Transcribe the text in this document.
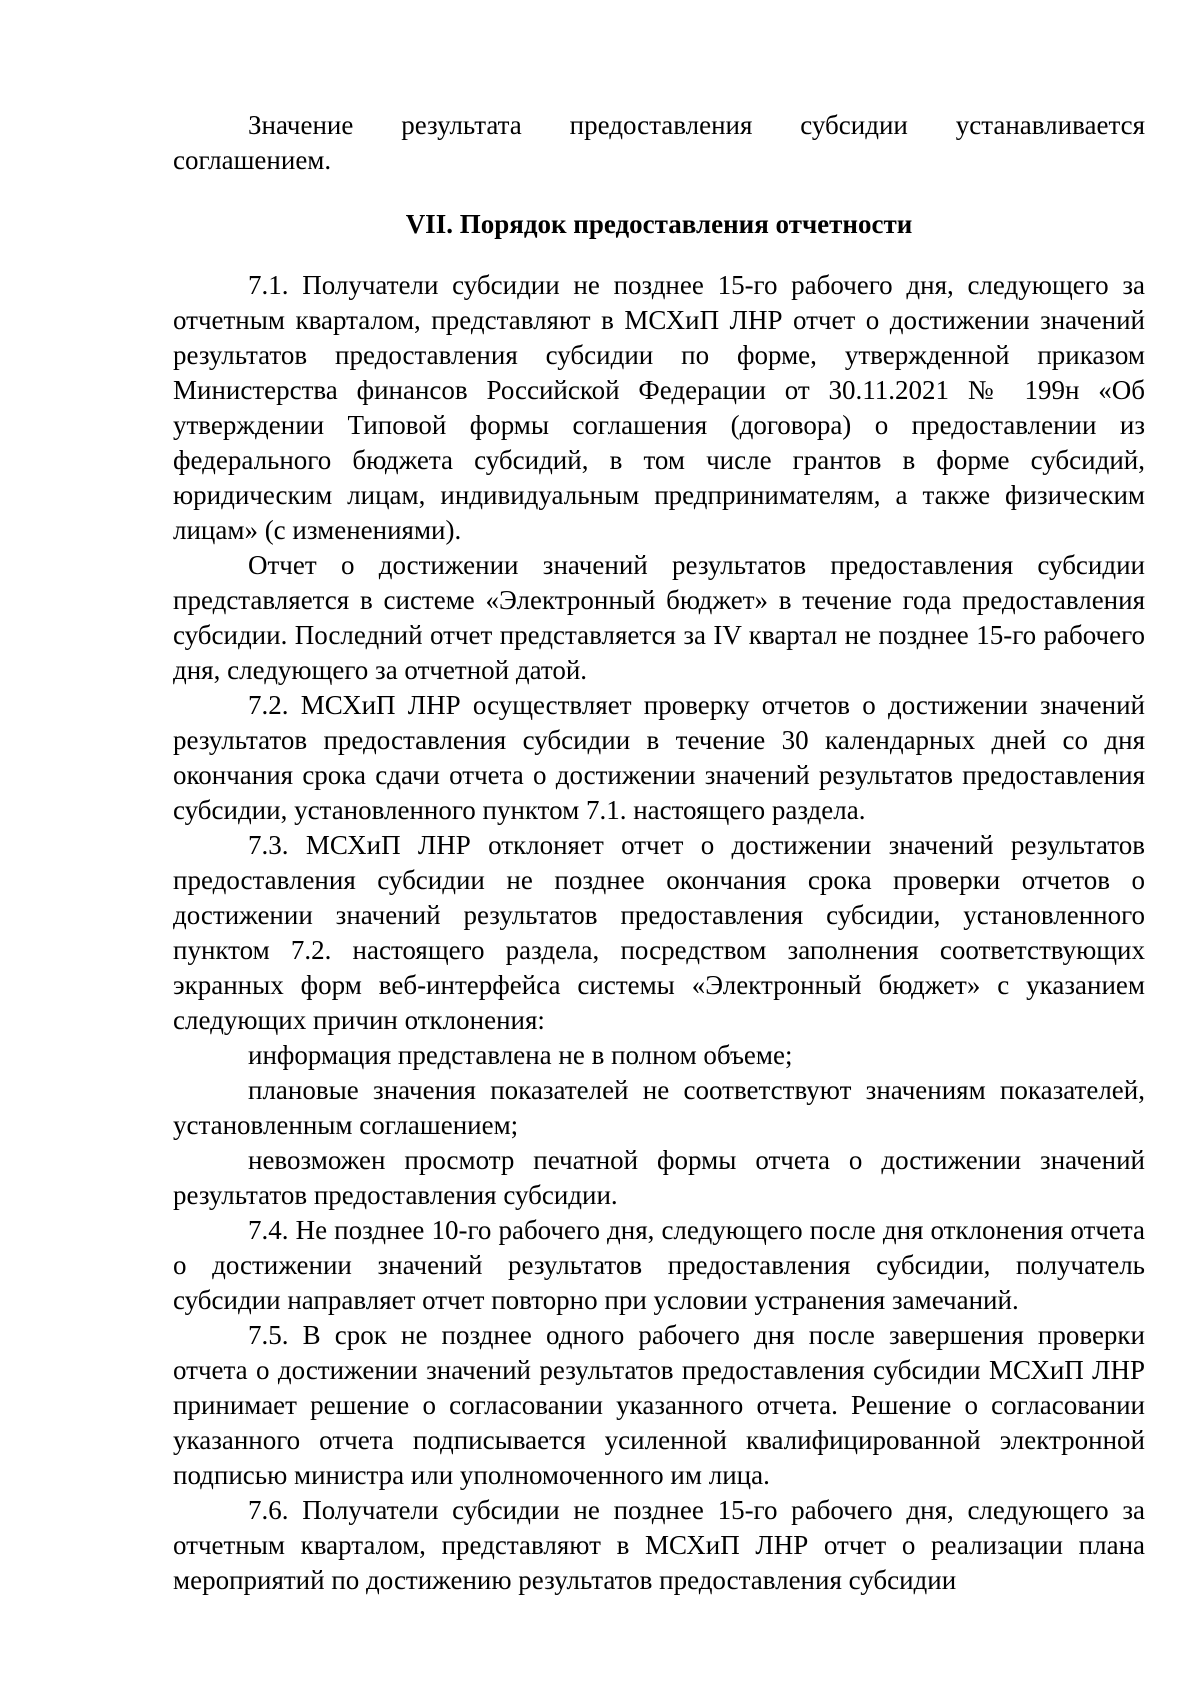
Значение результата предоставления субсидии устанавливается соглашением.

VII. Порядок предоставления отчетности

7.1. Получатели субсидии не позднее 15-го рабочего дня, следующего за отчетным кварталом, представляют в МСХиП ЛНР отчет о достижении значений результатов предоставления субсидии по форме, утвержденной приказом Министерства финансов Российской Федерации от 30.11.2021 № 199н «Об утверждении Типовой формы соглашения (договора) о предоставлении из федерального бюджета субсидий, в том числе грантов в форме субсидий, юридическим лицам, индивидуальным предпринимателям, а также физическим лицам» (с изменениями).

Отчет о достижении значений результатов предоставления субсидии представляется в системе «Электронный бюджет» в течение года предоставления субсидии. Последний отчет представляется за IV квартал не позднее 15-го рабочего дня, следующего за отчетной датой.

7.2. МСХиП ЛНР осуществляет проверку отчетов о достижении значений результатов предоставления субсидии в течение 30 календарных дней со дня окончания срока сдачи отчета о достижении значений результатов предоставления субсидии, установленного пунктом 7.1. настоящего раздела.

7.3. МСХиП ЛНР отклоняет отчет о достижении значений результатов предоставления субсидии не позднее окончания срока проверки отчетов о достижении значений результатов предоставления субсидии, установленного пунктом 7.2. настоящего раздела, посредством заполнения соответствующих экранных форм веб-интерфейса системы «Электронный бюджет» с указанием следующих причин отклонения:

информация представлена не в полном объеме;

плановые значения показателей не соответствуют значениям показателей, установленным соглашением;

невозможен просмотр печатной формы отчета о достижении значений результатов предоставления субсидии.

7.4. Не позднее 10-го рабочего дня, следующего после дня отклонения отчета о достижении значений результатов предоставления субсидии, получатель субсидии направляет отчет повторно при условии устранения замечаний.

7.5. В срок не позднее одного рабочего дня после завершения проверки отчета о достижении значений результатов предоставления субсидии МСХиП ЛНР принимает решение о согласовании указанного отчета. Решение о согласовании указанного отчета подписывается усиленной квалифицированной электронной подписью министра или уполномоченного им лица.

7.6. Получатели субсидии не позднее 15-го рабочего дня, следующего за отчетным кварталом, представляют в МСХиП ЛНР отчет о реализации плана мероприятий по достижению результатов предоставления субсидии
